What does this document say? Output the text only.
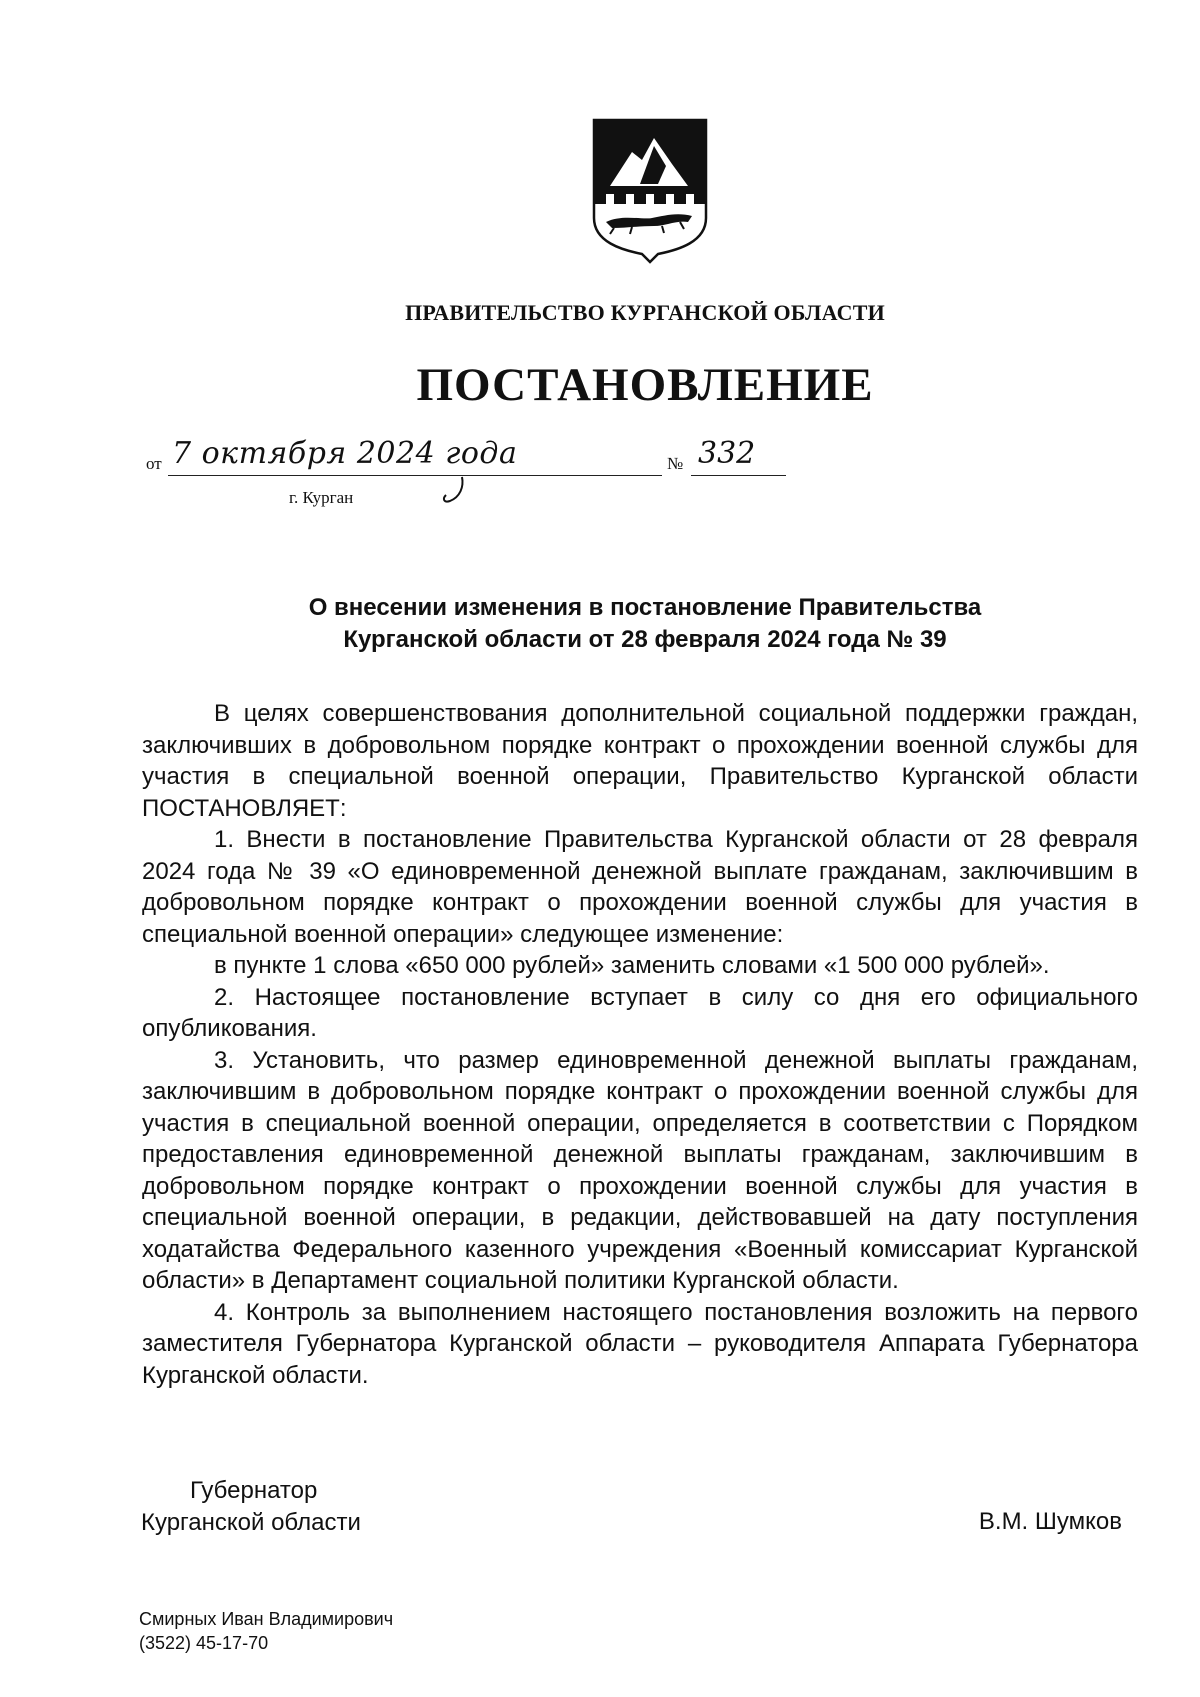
ПРАВИТЕЛЬСТВО КУРГАНСКОЙ ОБЛАСТИ
ПОСТАНОВЛЕНИЕ
от 7 октября 2024 года	№ 332
г. Курган
О внесении изменения в постановление Правительства
Курганской области от 28 февраля 2024 года № 39

В целях совершенствования дополнительной социальной поддержки граждан, заключивших в добровольном порядке контракт о прохождении военной службы для участия в специальной военной операции, Правительство Курганской области ПОСТАНОВЛЯЕТ:

1. Внести в постановление Правительства Курганской области от 28 февраля 2024 года № 39 «О единовременной денежной выплате гражданам, заключившим в добровольном порядке контракт о прохождении военной службы для участия в специальной военной операции» следующее изменение:

в пункте 1 слова «650 000 рублей» заменить словами «1 500 000 рублей».

2. Настоящее постановление вступает в силу со дня его официального опубликования.

3. Установить, что размер единовременной денежной выплаты гражданам, заключившим в добровольном порядке контракт о прохождении военной службы для участия в специальной военной операции, определяется в соответствии с Порядком предоставления единовременной денежной выплаты гражданам, заключившим в добровольном порядке контракт о прохождении военной службы для участия в специальной военной операции, в редакции, действовавшей на дату поступления ходатайства Федерального казенного учреждения «Военный комиссариат Курганской области» в Департамент социальной политики Курганской области.

4. Контроль за выполнением настоящего постановления возложить на первого заместителя Губернатора Курганской области – руководителя Аппарата Губернатора Курганской области.

Губернатор
Курганской области	В.М. Шумков
Смирных Иван Владимирович
(3522) 45-17-70
